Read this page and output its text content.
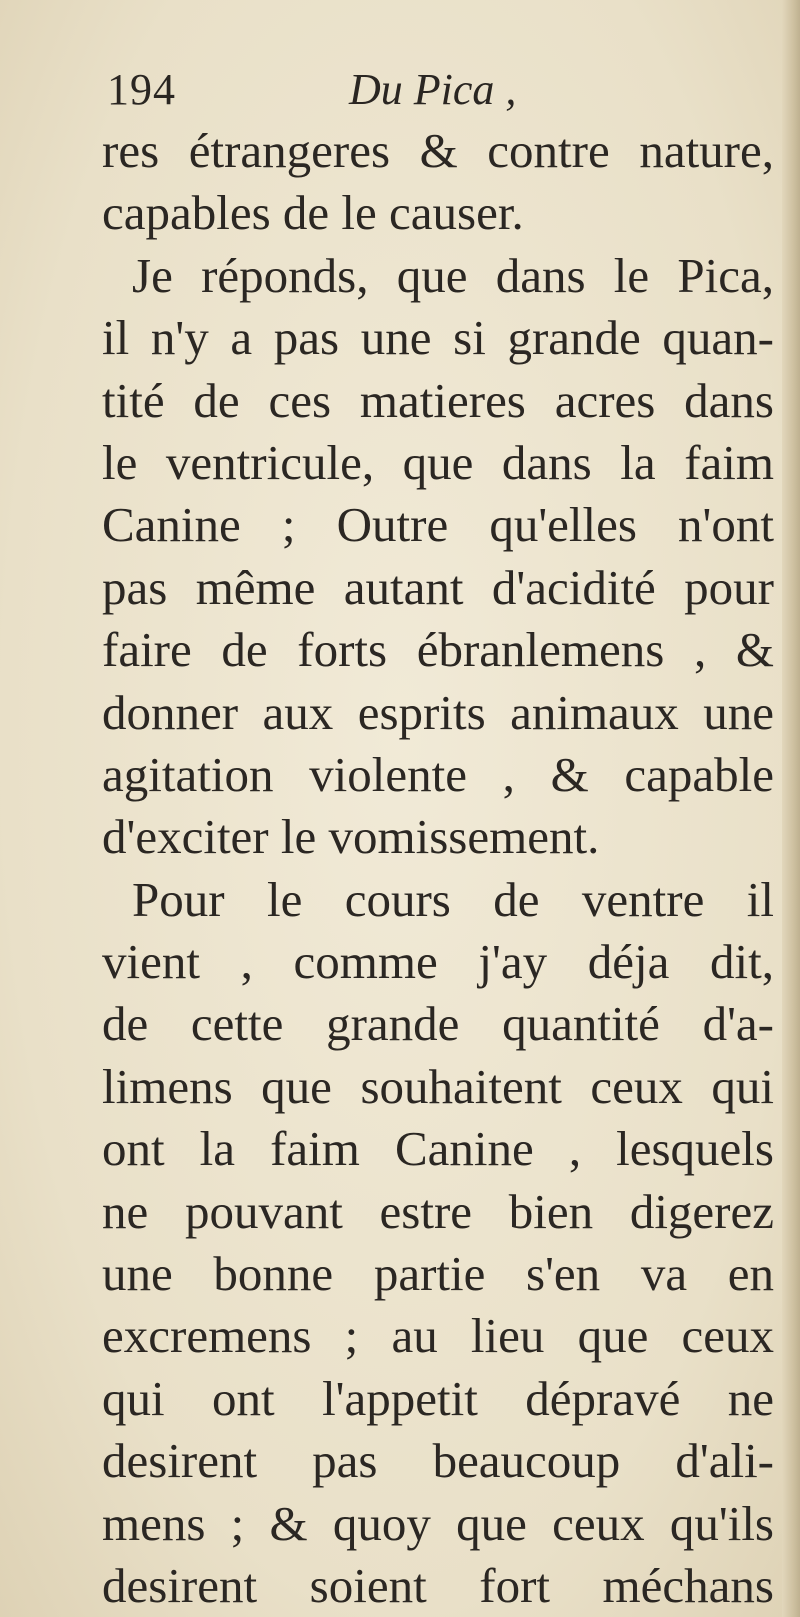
194	Du Pica ,
res étrangeres & contre nature,
capables de le causer.
Je réponds, que dans le Pica,
il n'y a pas une si grande quan-
tité de ces matieres acres dans
le ventricule, que dans la faim
Canine ; Outre qu'elles n'ont
pas même autant d'acidité pour
faire de forts ébranlemens , &
donner aux esprits animaux une
agitation violente , & capable
d'exciter le vomissement.
Pour le cours de ventre il
vient , comme j'ay déja dit,
de cette grande quantité d'a-
limens que souhaitent ceux qui
ont la faim Canine , lesquels
ne pouvant estre bien digerez
une bonne partie s'en va en
excremens ; au lieu que ceux
qui ont l'appetit dépravé ne
desirent pas beaucoup d'ali-
mens ; & quoy que ceux qu'ils
desirent soient fort méchans
